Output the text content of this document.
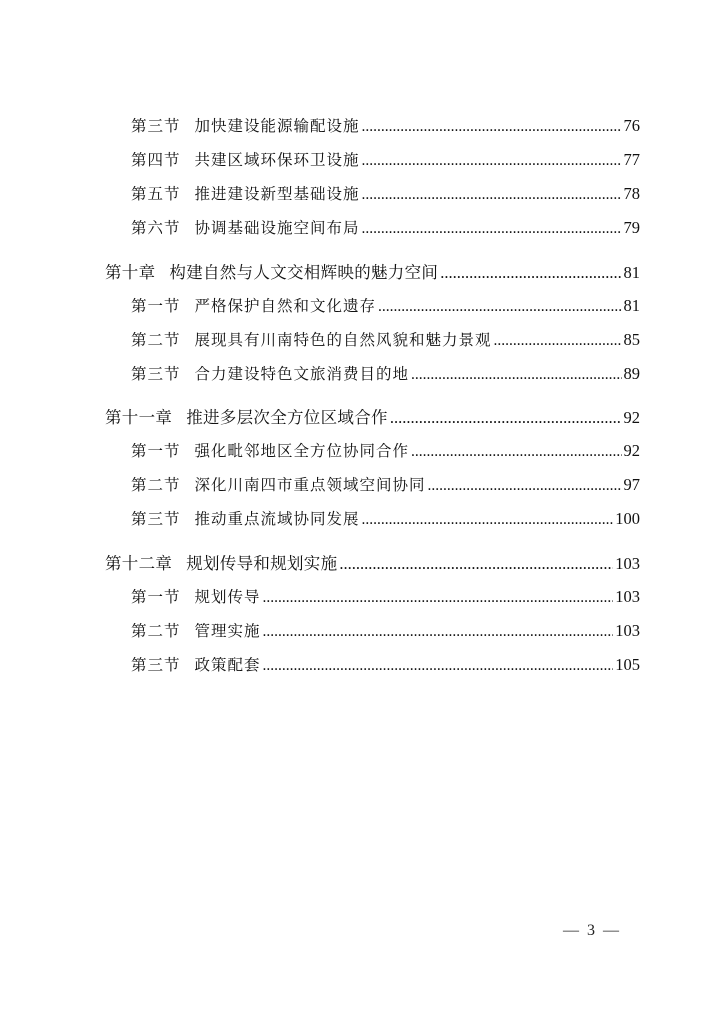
第三节 加快建设能源输配设施 .....	76
第四节 共建区域环保环卫设施 .....	77
第五节 推进建设新型基础设施 .....	78
第六节 协调基础设施空间布局 .....	79
第十章 构建自然与人文交相辉映的魅力空间 .....	81
第一节 严格保护自然和文化遗存 .....	81
第二节 展现具有川南特色的自然风貌和魅力景观 .....	85
第三节 合力建设特色文旅消费目的地 .....	89
第十一章 推进多层次全方位区域合作 .....	92
第一节 强化毗邻地区全方位协同合作 .....	92
第二节 深化川南四市重点领域空间协同 .....	97
第三节 推动重点流域协同发展 .....	100
第十二章 规划传导和规划实施 .....	103
第一节 规划传导 .....	103
第二节 管理实施 .....	103
第三节 政策配套 .....	105
— 3 —
